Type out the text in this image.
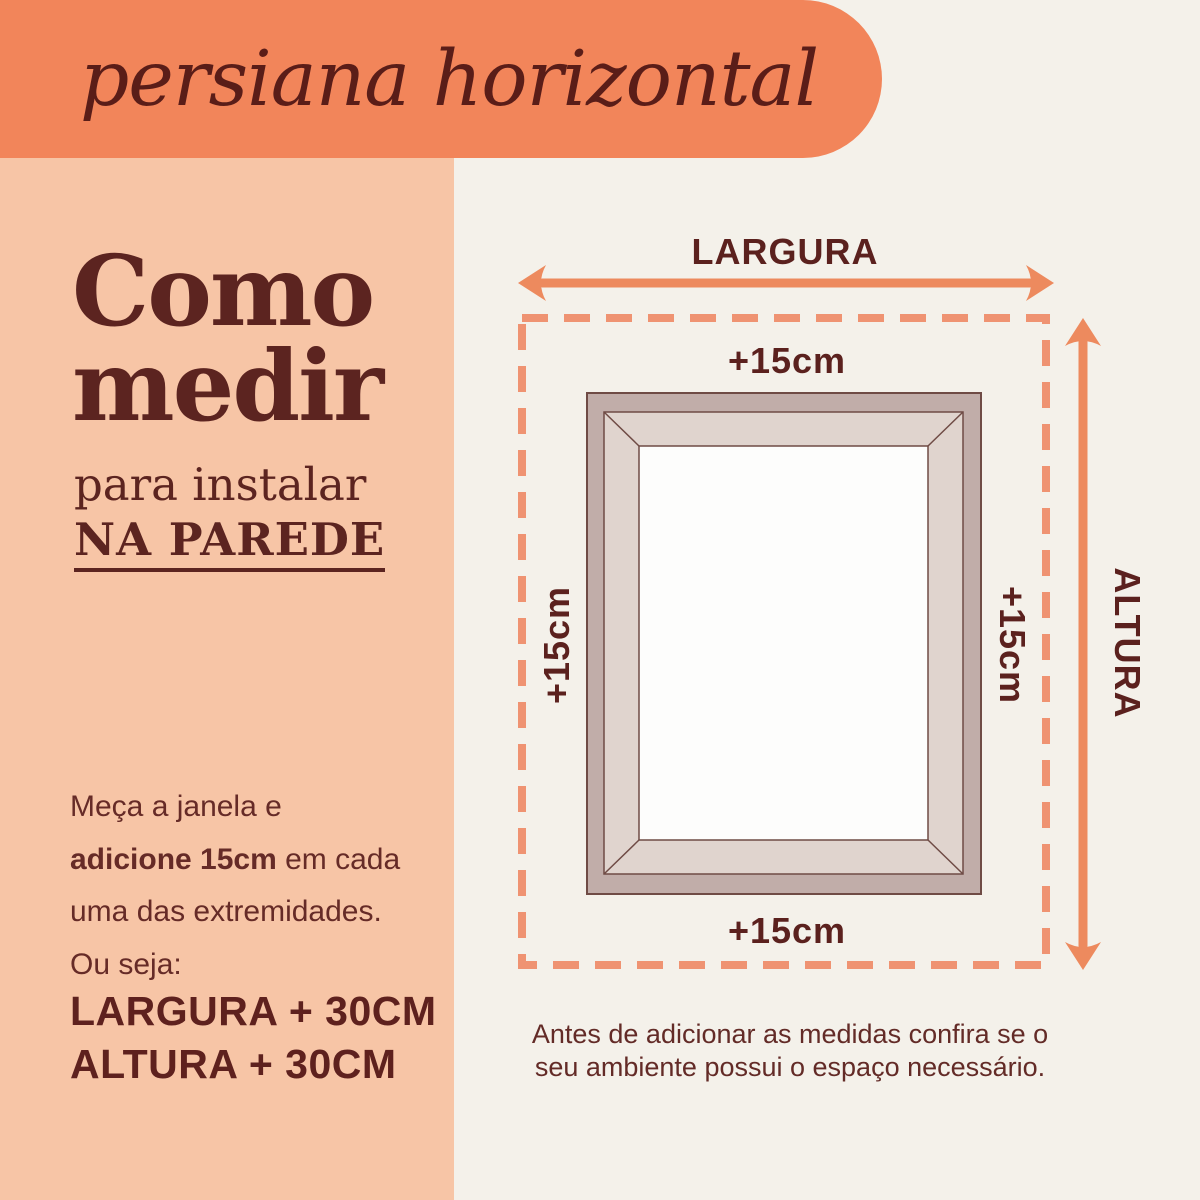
persiana horizontal
Como
medir
para instalar
NA PAREDE
Meça a janela e
adicione 15cm em cada
uma das extremidades.
Ou seja:
LARGURA + 30CM
ALTURA + 30CM
LARGURA
+15cm
+15cm
+15cm	+15cm ALTURA
Antes de adicionar as medidas confira se o
seu ambiente possui o espaço necessário.
